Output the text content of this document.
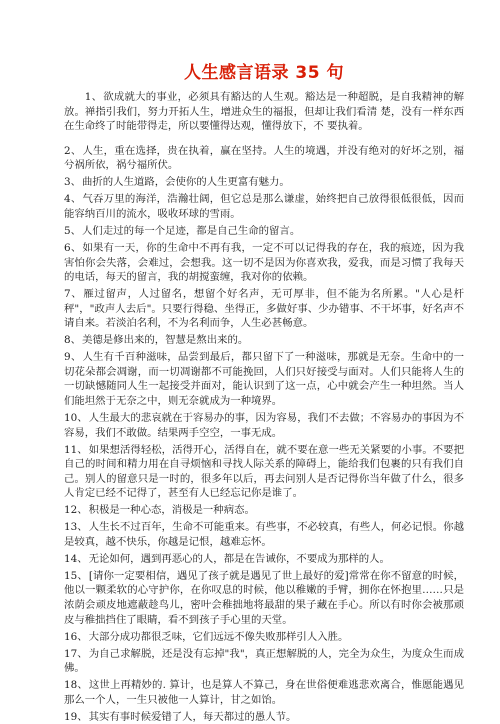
人生感言语录 35 句

1、欲成就大的事业，必须具有豁达的人生观。豁达是一种超脱，是自我精神的解放。禅指引我们，努力开拓人生，增进众生的福报，但却让我们看清 楚，没有一样东西在生命终了时能带得走，所以要懂得达观，懂得放下，不 要执着。

2、人生，重在选择，贵在执着，赢在坚持。人生的境遇，并没有绝对的好坏之别，福兮祸所依，祸兮福所伏。

3、曲折的人生道路，会使你的人生更富有魅力。

4、气吞万里的海洋，浩瀚壮阔，但它总是那么谦虚，始终把自己放得很低很低，因而能容纳百川的流水，吸收环球的雪雨。

5、人们走过的每一个足迹，都是自己生命的留言。

6、如果有一天，你的生命中不再有我，一定不可以记得我的存在，我的痕迹，因为我害怕你会失落，会难过，会想我。这一切不是因为你喜欢我，爱我，而是习惯了我每天的电话，每天的留言，我的胡搅蛮缠，我对你的依赖。

7、雁过留声，人过留名，想留个好名声，无可厚非，但不能为名所累。"人心是杆秤"，"政声人去后"。只要行得稳、坐得正，多做好事、少办错事、不干坏事，好名声不请自来。若淡泊名利，不为名利而争，人生必甚畅意。

8、美德是修出来的，智慧是熬出来的。

9、人生有千百种滋味，品尝到最后，都只留下了一种滋味，那就是无奈。生命中的一切花朵都会凋谢，而一切凋谢都不可能挽回，人们只好接受与面对。人们只能将人生的一切缺憾随同人生一起接受并面对，能认识到了这一点，心中就会产生一种坦然。当人们能坦然于无奈之中，则无奈就成为一种境界。

10、人生最大的悲哀就在于容易办的事，因为容易，我们不去做；不容易办的事因为不容易，我们不敢做。结果两手空空，一事无成。

11、如果想活得轻松，活得开心，活得自在，就不要在意一些无关紧要的小事。不要把自己的时间和精力用在自寻烦恼和寻找人际关系的障碍上，能给我们包裹的只有我们自己。别人的留意只是一时的，很多年以后，再去问别人是否记得你当年做了什么，很多人肯定已经不记得了，甚至有人已经忘记你是谁了。

12、积极是一种心态，消极是一种病态。

13、人生长不过百年，生命不可能重来。有些事，不必较真，有些人，何必记恨。你越是较真，越不快乐，你越是记恨，越难忘怀。

14、无论如何，遇到再恶心的人，都是在告诫你，不要成为那样的人。

15、[请你一定要相信，遇见了孩子就是遇见了世上最好的爱]常常在你不留意的时候，他以一颗柔软的心守护你，在你叹息的时候，他以稚嫩的手臂，拥你在怀抱里……只是浓荫会顽皮地遮蔽趁鸟儿，密叶会稚拙地将最甜的果子藏在手心。所以有时你会被那顽皮与稚拙挡住了眼睛，看不到孩子手心里的天堂。

16、大部分成功都很乏味，它们远远不像失败那样引人入胜。

17、为自己求解脱，还是没有忘掉"我"，真正想解脱的人，完全为众生，为度众生而成佛。

18、这世上再精妙的. 算计，也是算人不算己，身在世俗便难逃悲欢离合，惟愿能遇见那么一个人，一生只被他一人算计，甘之如饴。

19、其实有事时候爱错了人，每天都过的愚人节。
